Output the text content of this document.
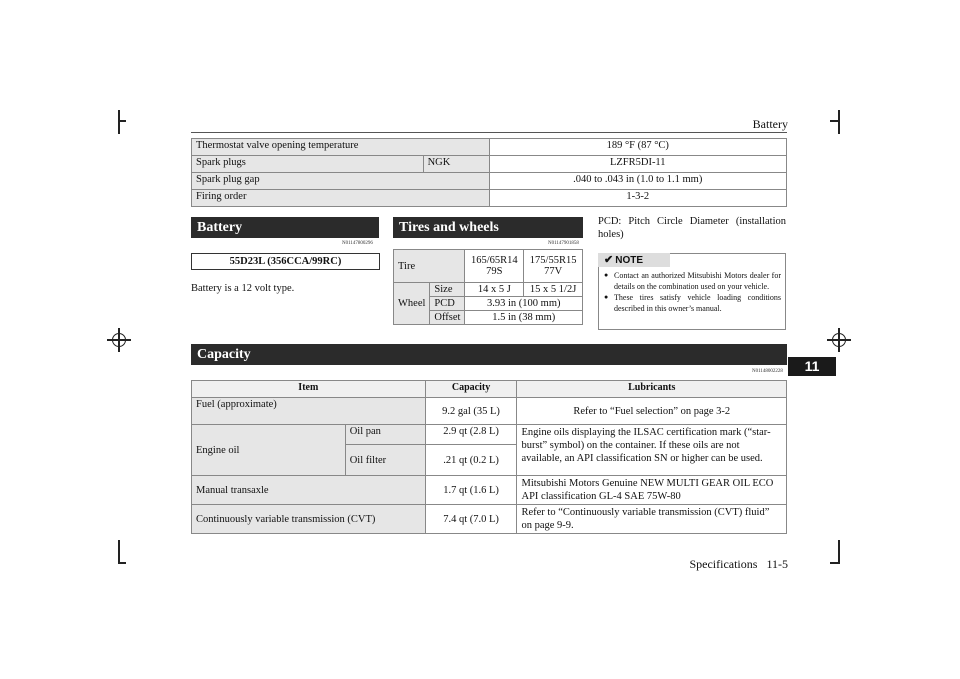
Battery
11
Thermostat valve opening temperature		189 °F (87 °C)
Spark plugs	NGK	LZFR5DI-11
Spark plug gap		.040 to .043 in (1.0 to 1.1 mm)
Firing order		1-3-2
Battery
N01147800296
55D23L (356CCA/99RC)
Battery is a 12 volt type.
Tires and wheels
N01147901858
Tire		165/65R14 79S	175/55R15 77V
Wheel	Size	14 x 5 J	15 x 5 1/2J
	PCD	3.93 in (100 mm)	
	Offset	1.5 in (38 mm)	
PCD: Pitch Circle Diameter (installation holes)
✔ NOTE
● Contact an authorized Mitsubishi Motors dealer for details on the combination used on your vehicle.
● These tires satisfy vehicle loading conditions described in this owner’s manual.
Capacity
N01148002228
Item		Capacity	Lubricants
Fuel (approximate)		9.2 gal (35 L)	Refer to “Fuel selection” on page 3-2
Engine oil	Oil pan	2.9 qt (2.8 L)	Engine oils displaying the ILSAC certification mark (“star-burst” symbol) on the container. If these oils are not available, an API classification SN or higher can be used.
	Oil filter	.21 qt (0.2 L)	
Manual transaxle		1.7 qt (1.6 L)	Mitsubishi Motors Genuine NEW MULTI GEAR OIL ECO API classification GL-4 SAE 75W-80
Continuously variable transmission (CVT)		7.4 qt (7.0 L)	Refer to “Continuously variable transmission (CVT) fluid” on page 9-9.
Specifications 11-5
